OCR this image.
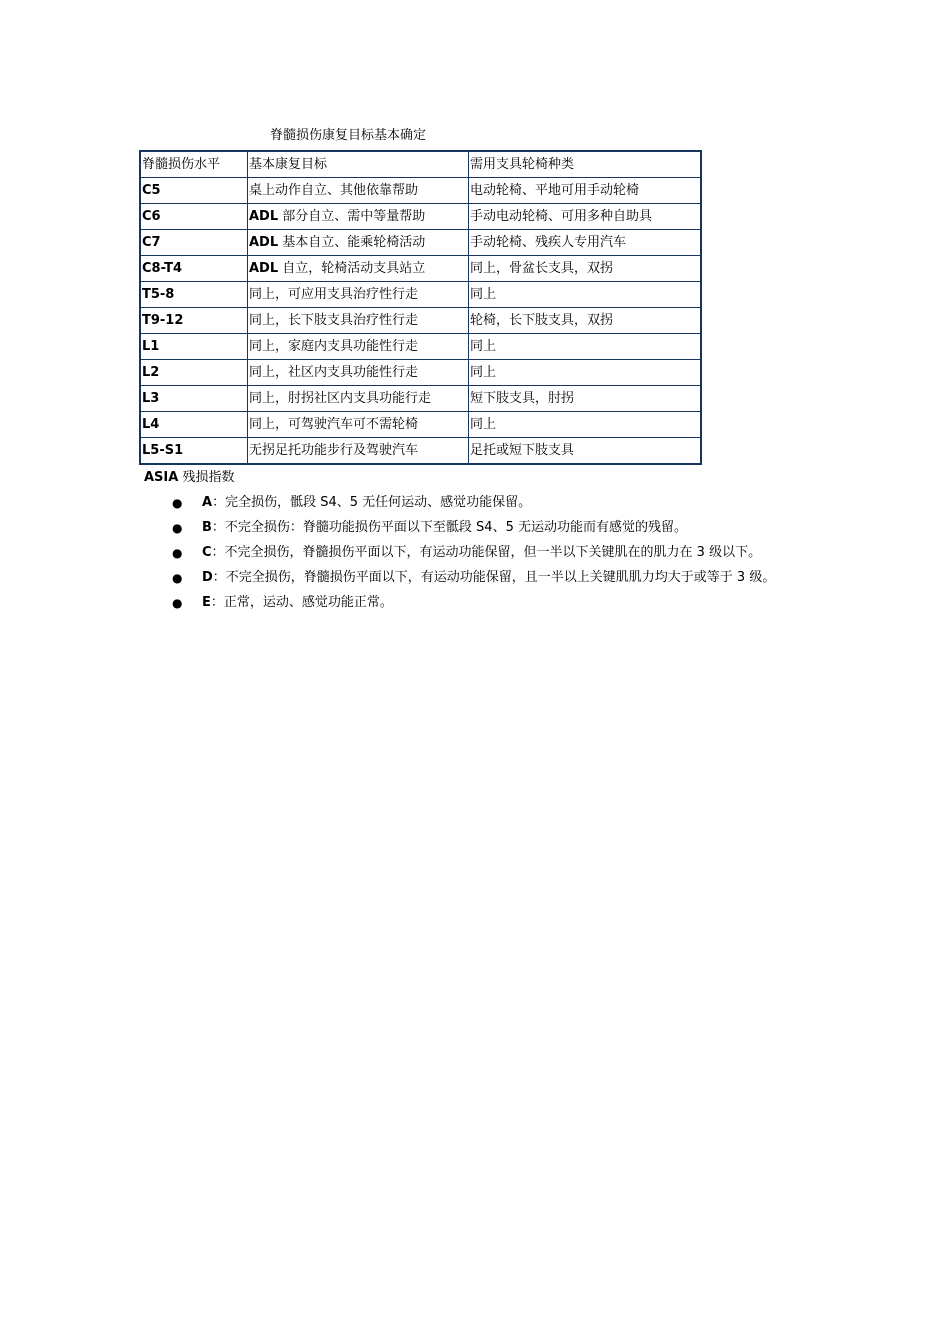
脊髓损伤康复目标基本确定
脊髓损伤水平	基本康复目标	需用支具轮椅种类
C5	桌上动作自立、其他依靠帮助	电动轮椅、平地可用手动轮椅
C6	ADL 部分自立、需中等量帮助	手动电动轮椅、可用多种自助具
C7	ADL 基本自立、能乘轮椅活动	手动轮椅、残疾人专用汽车
C8-T4	ADL 自立，轮椅活动支具站立	同上，骨盆长支具，双拐
T5-8	同上，可应用支具治疗性行走	同上
T9-12	同上，长下肢支具治疗性行走	轮椅，长下肢支具，双拐
L1	同上，家庭内支具功能性行走	同上
L2	同上，社区内支具功能性行走	同上
L3	同上，肘拐社区内支具功能行走	短下肢支具，肘拐
L4	同上，可驾驶汽车可不需轮椅	同上
L5-S1	无拐足托功能步行及驾驶汽车	足托或短下肢支具
ASIA 残损指数
● A：完全损伤，骶段 S4、5 无任何运动、感觉功能保留。
● B：不完全损伤：脊髓功能损伤平面以下至骶段 S4、5 无运动功能而有感觉的残留。
● C：不完全损伤，脊髓损伤平面以下，有运动功能保留，但一半以下关键肌在的肌力在 3 级以下。
● D：不完全损伤，脊髓损伤平面以下，有运动功能保留，且一半以上关键肌肌力均大于或等于 3 级。
● E：正常，运动、感觉功能正常。
